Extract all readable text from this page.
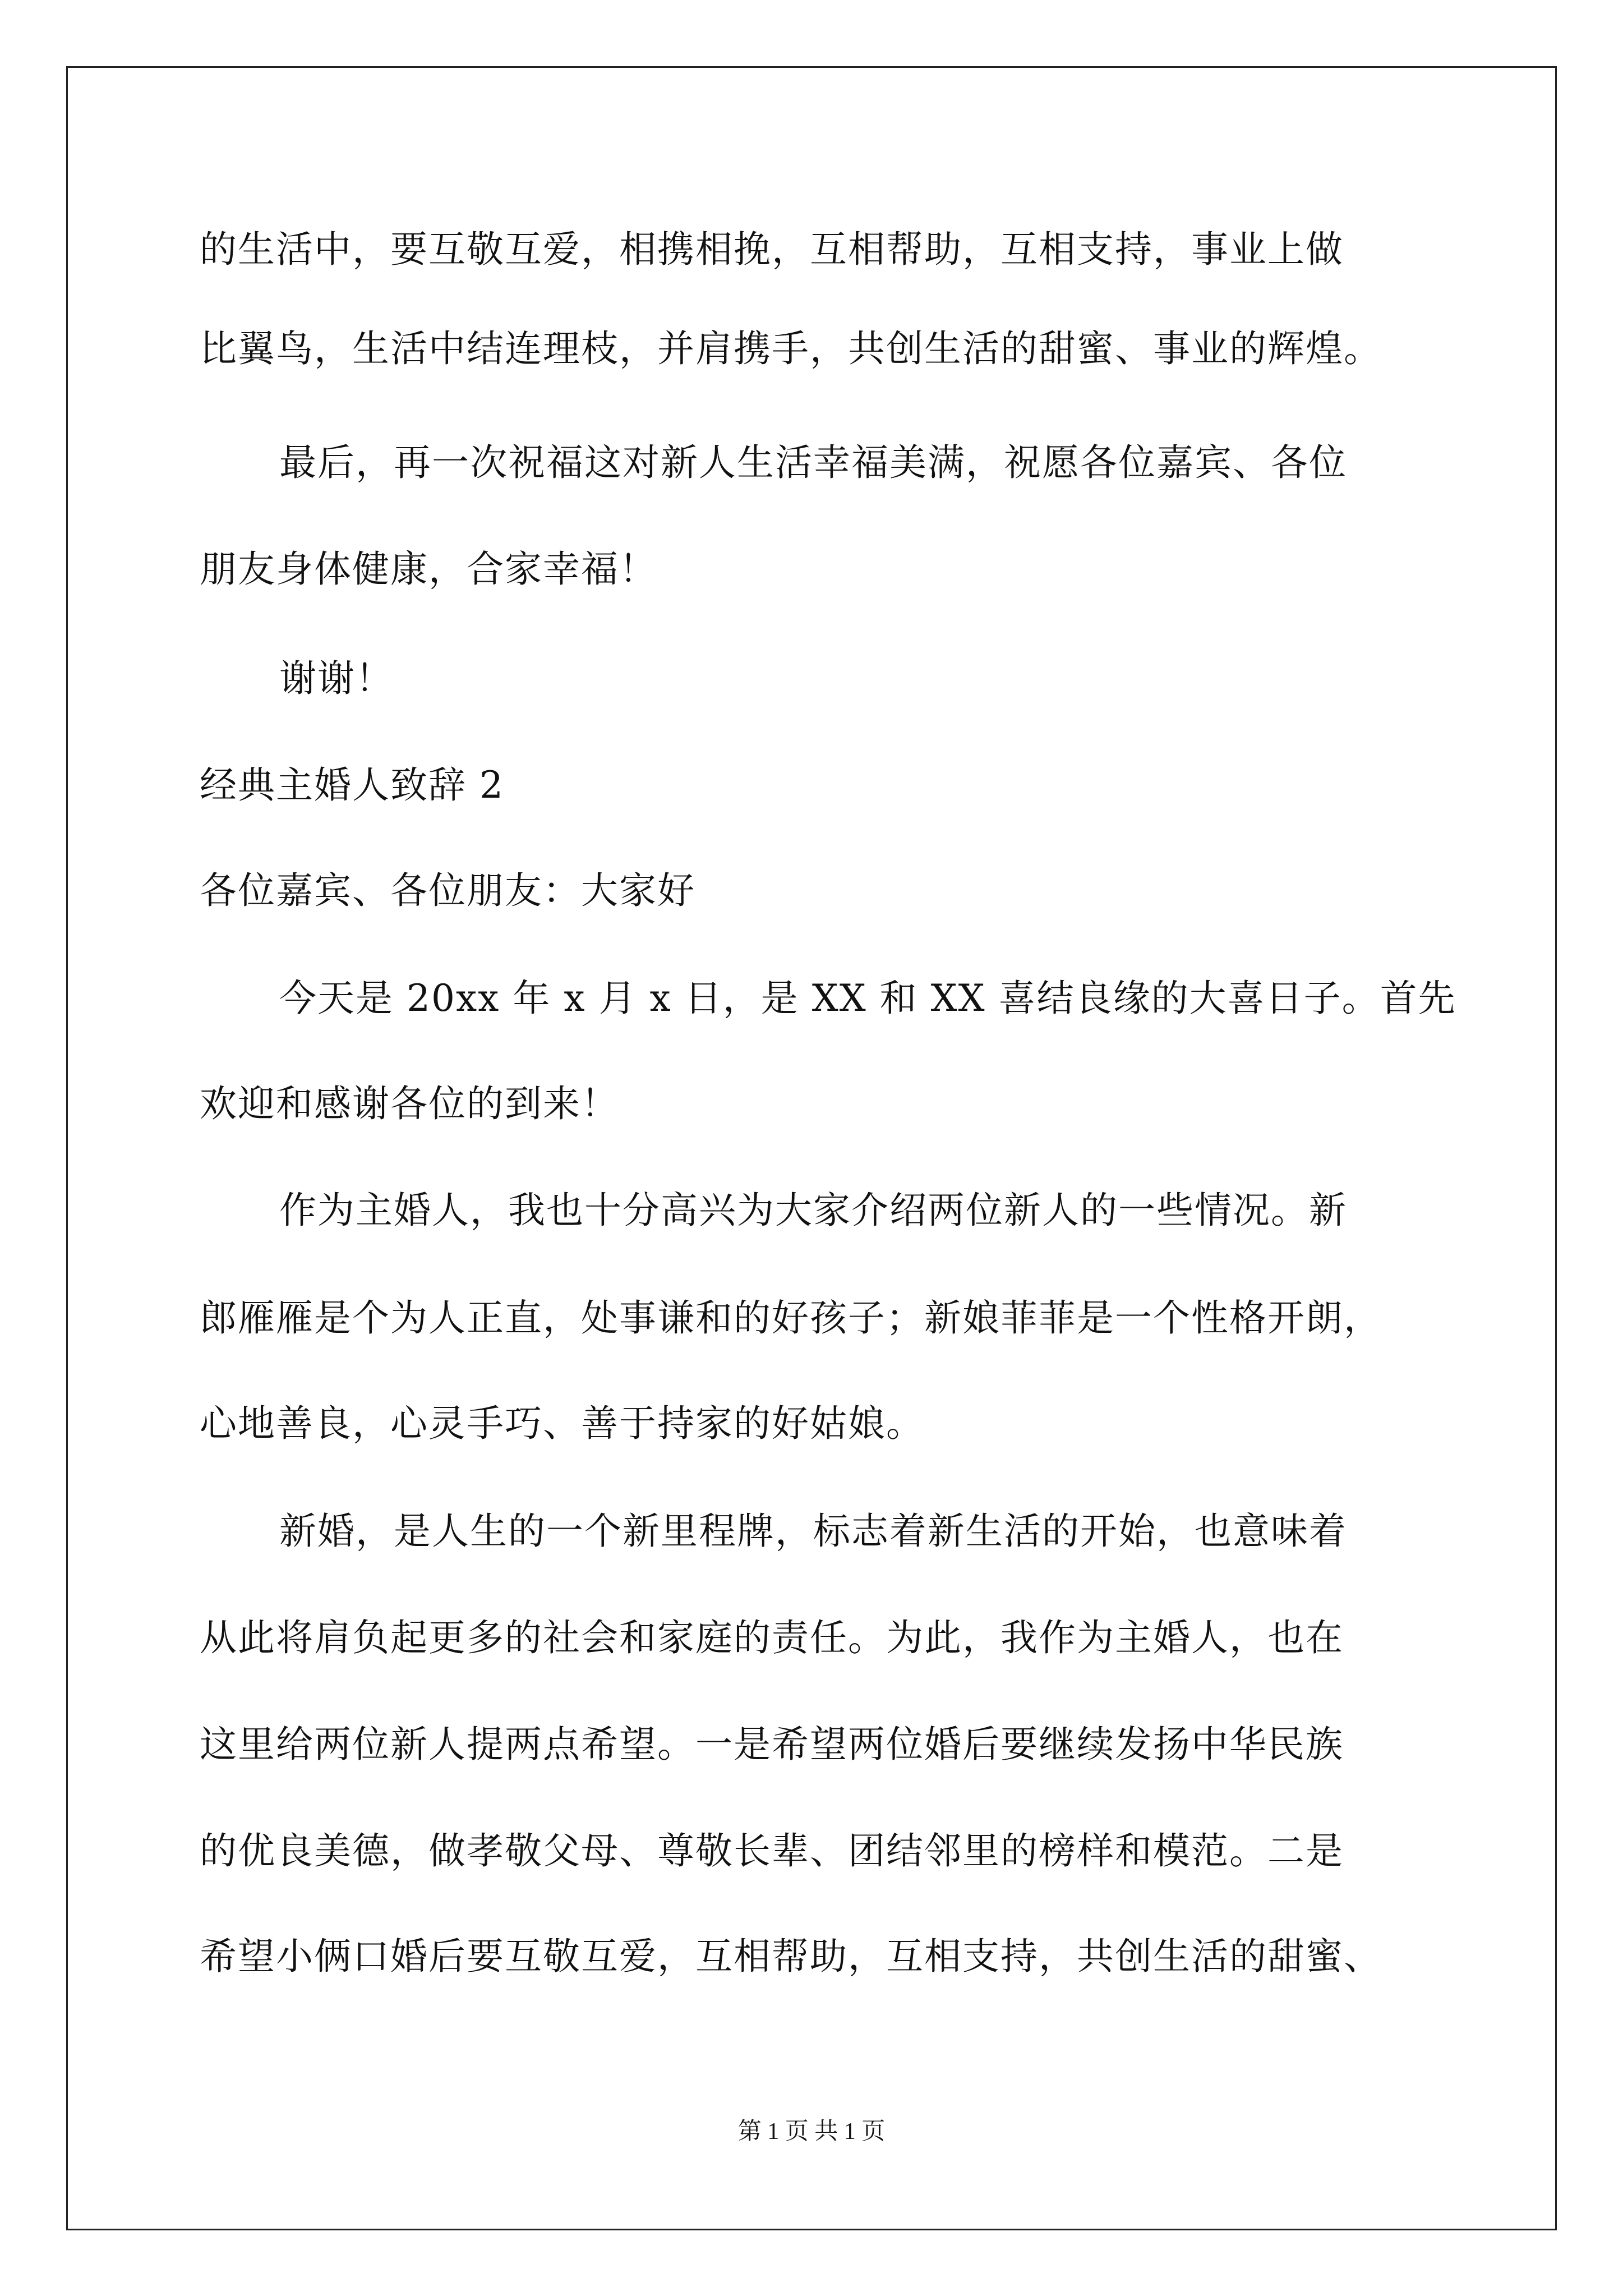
的生活中，要互敬互爱，相携相挽，互相帮助，互相支持，事业上做
比翼鸟，生活中结连理枝，并肩携手，共创生活的甜蜜、事业的辉煌。
最后，再一次祝福这对新人生活幸福美满，祝愿各位嘉宾、各位
朋友身体健康，合家幸福！
谢谢！
经典主婚人致辞 2
各位嘉宾、各位朋友：大家好
今天是 20xx 年 x 月 x 日，是 XX 和 XX 喜结良缘的大喜日子。首先
欢迎和感谢各位的到来！
作为主婚人，我也十分高兴为大家介绍两位新人的一些情况。新
郎雁雁是个为人正直，处事谦和的好孩子；新娘菲菲是一个性格开朗，
心地善良，心灵手巧、善于持家的好姑娘。
新婚，是人生的一个新里程牌，标志着新生活的开始，也意味着
从此将肩负起更多的社会和家庭的责任。为此，我作为主婚人，也在
这里给两位新人提两点希望。一是希望两位婚后要继续发扬中华民族
的优良美德，做孝敬父母、尊敬长辈、团结邻里的榜样和模范。二是
希望小俩口婚后要互敬互爱，互相帮助，互相支持，共创生活的甜蜜、
第 1 页 共 1 页
